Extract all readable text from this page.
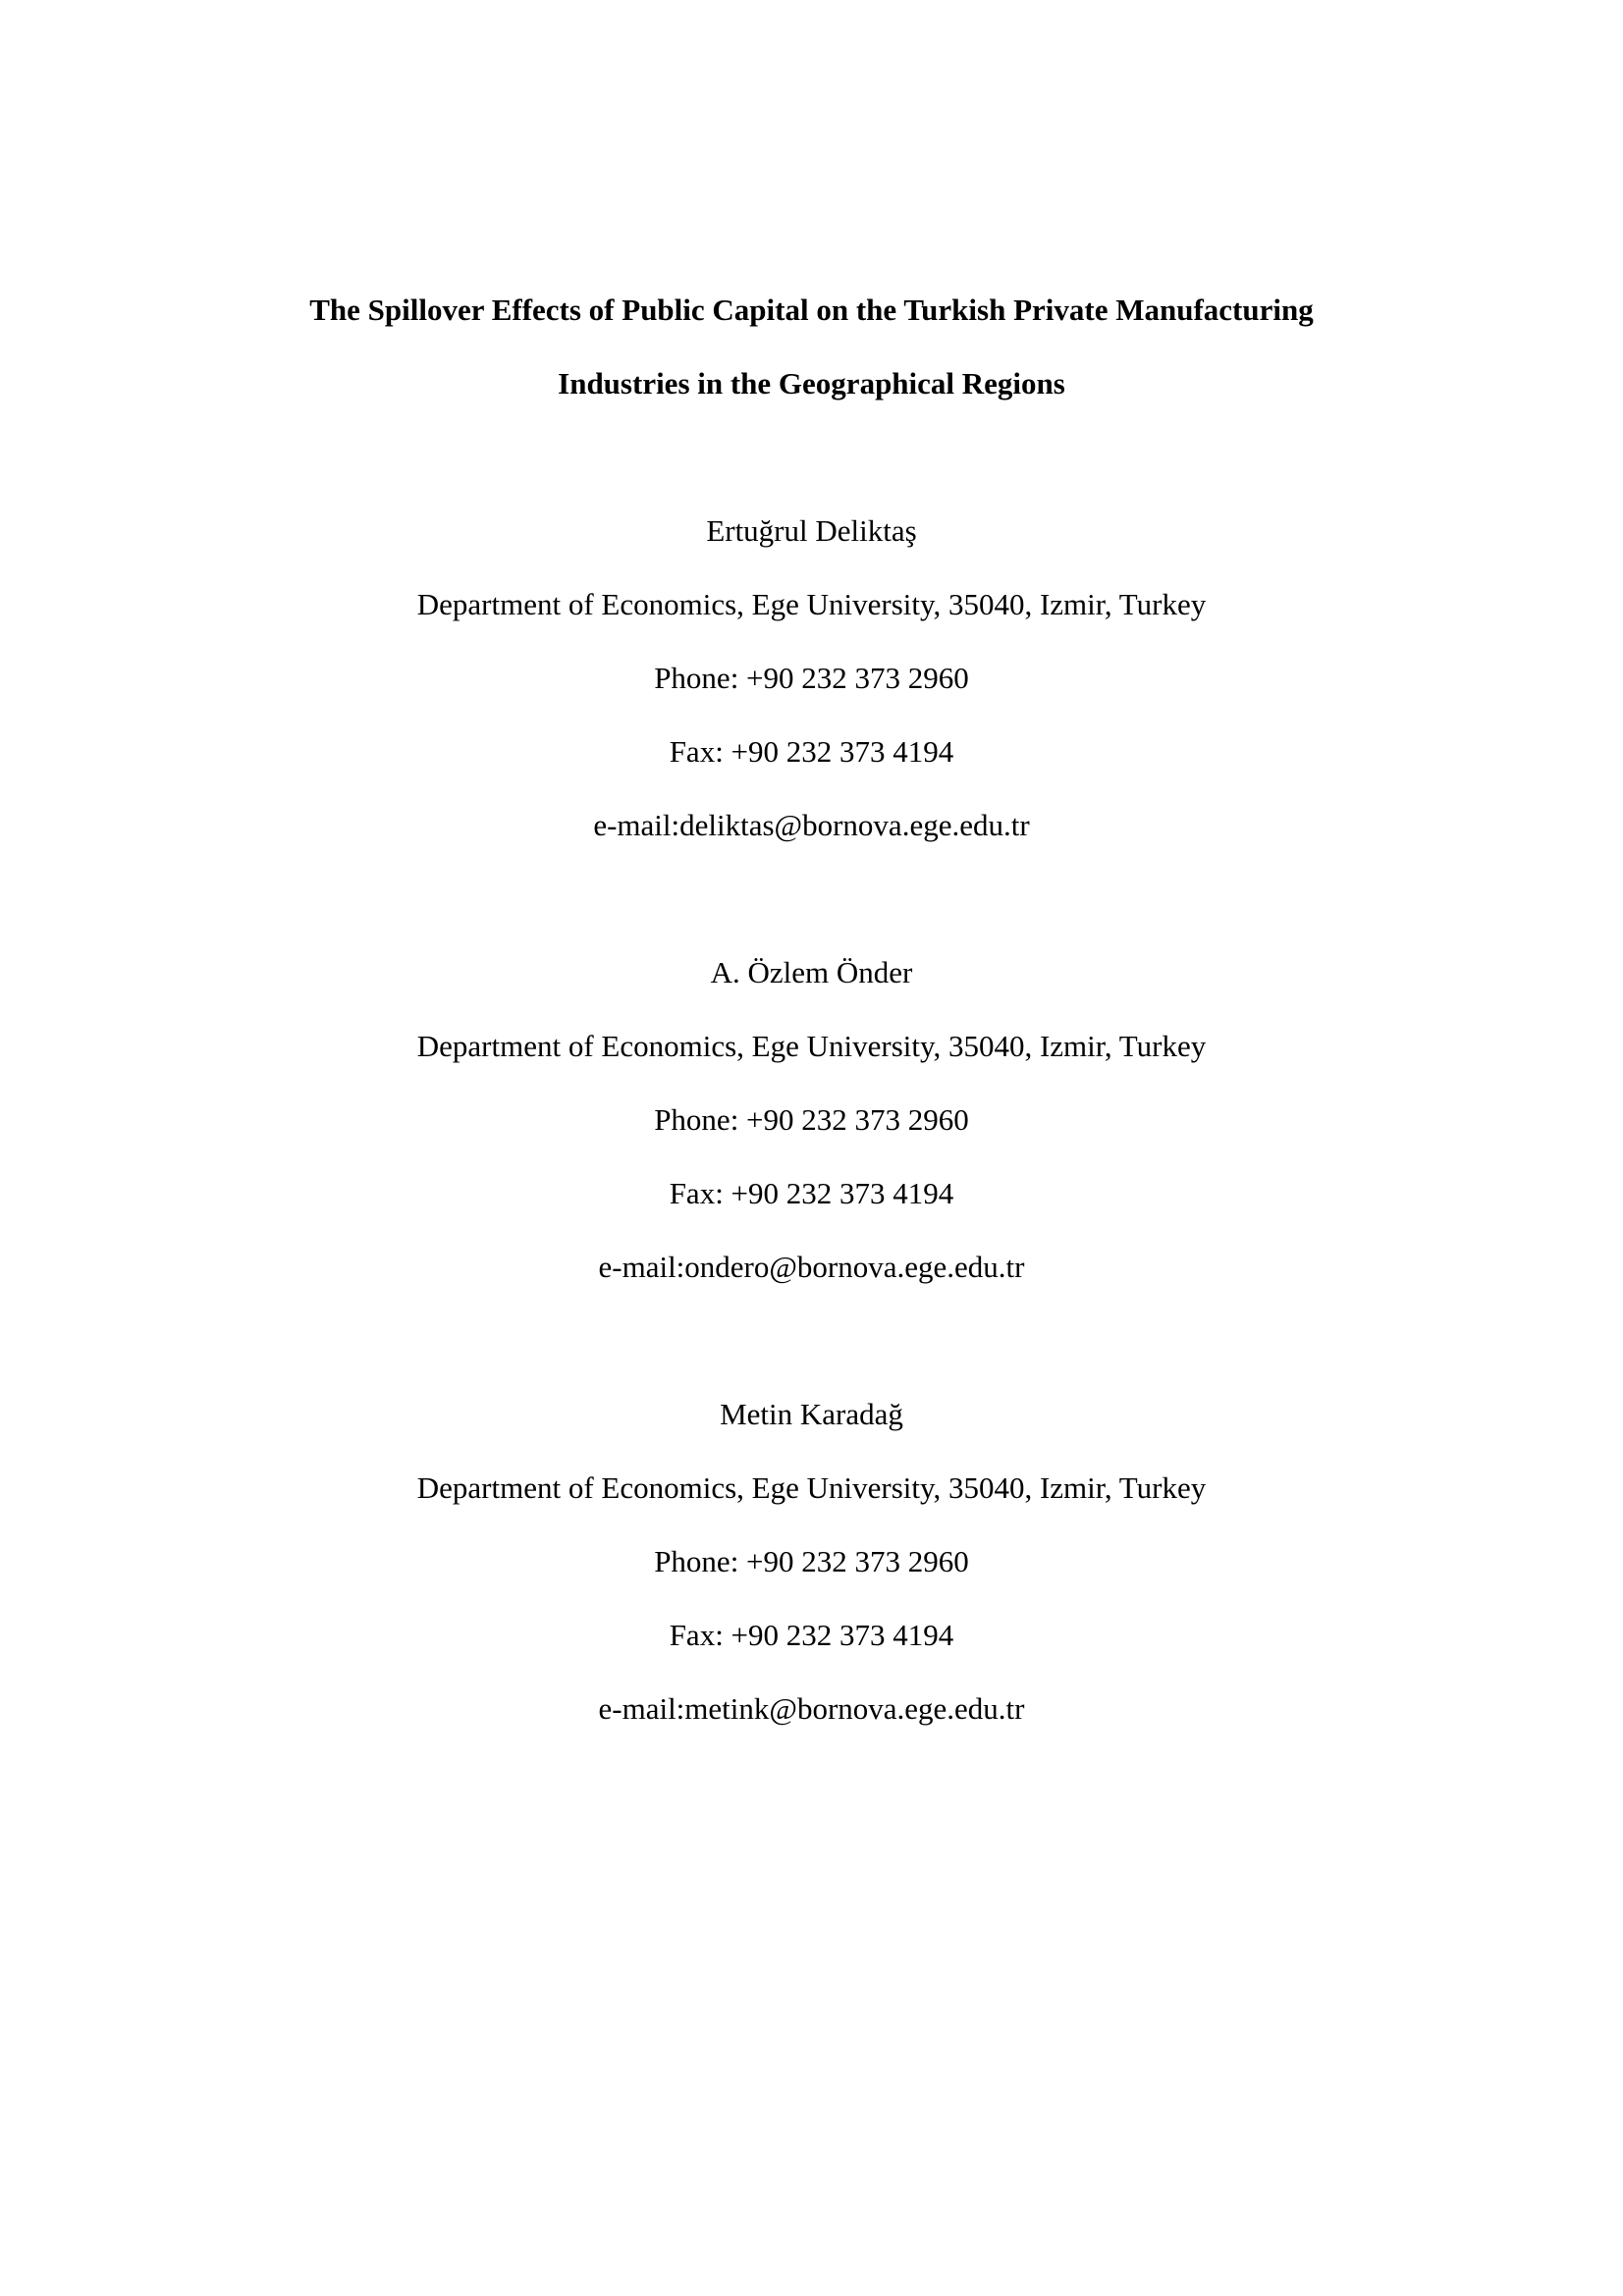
The Spillover Effects of Public Capital on the Turkish Private Manufacturing
Industries in the Geographical Regions
Ertuğrul Deliktaş
Department of Economics, Ege University, 35040, Izmir, Turkey
Phone: +90 232 373 2960
Fax: +90 232 373 4194
e-mail:deliktas@bornova.ege.edu.tr
A. Özlem Önder
Department of Economics, Ege University, 35040, Izmir, Turkey
Phone: +90 232 373 2960
Fax: +90 232 373 4194
e-mail:ondero@bornova.ege.edu.tr
Metin Karadağ
Department of Economics, Ege University, 35040, Izmir, Turkey
Phone: +90 232 373 2960
Fax: +90 232 373 4194
e-mail:metink@bornova.ege.edu.tr
